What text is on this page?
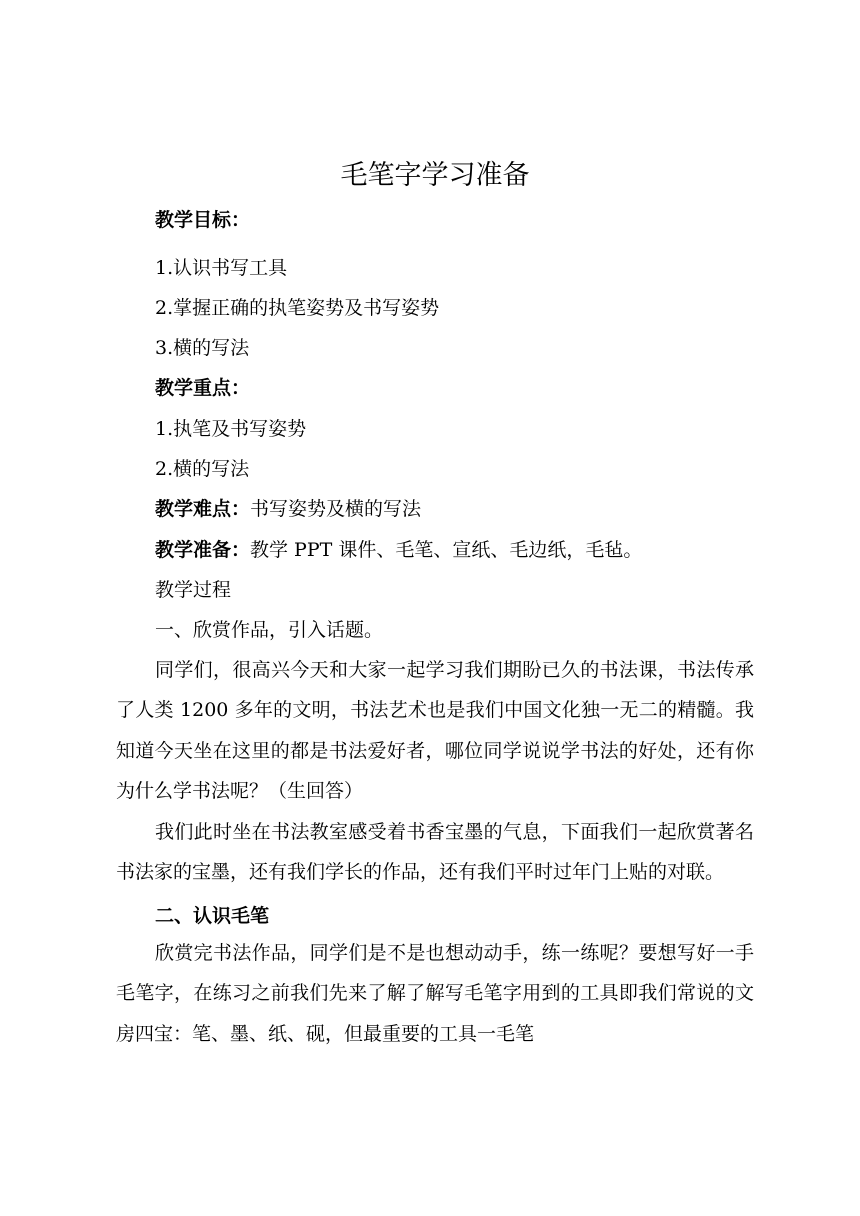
毛笔字学习准备

教学目标：

1.认识书写工具

2.掌握正确的执笔姿势及书写姿势

3.横的写法

教学重点：

1.执笔及书写姿势

2.横的写法

教学难点：书写姿势及横的写法

教学准备：教学 PPT 课件、毛笔、宣纸、毛边纸，毛毡。

教学过程

一、欣赏作品，引入话题。

同学们，很高兴今天和大家一起学习我们期盼已久的书法课，书法传承了人类 1200 多年的文明，书法艺术也是我们中国文化独一无二的精髓。我知道今天坐在这里的都是书法爱好者，哪位同学说说学书法的好处，还有你为什么学书法呢？（生回答）

我们此时坐在书法教室感受着书香宝墨的气息，下面我们一起欣赏著名书法家的宝墨，还有我们学长的作品，还有我们平时过年门上贴的对联。

二、认识毛笔

欣赏完书法作品，同学们是不是也想动动手，练一练呢？要想写好一手毛笔字，在练习之前我们先来了解了解写毛笔字用到的工具即我们常说的文房四宝：笔、墨、纸、砚，但最重要的工具一毛笔
